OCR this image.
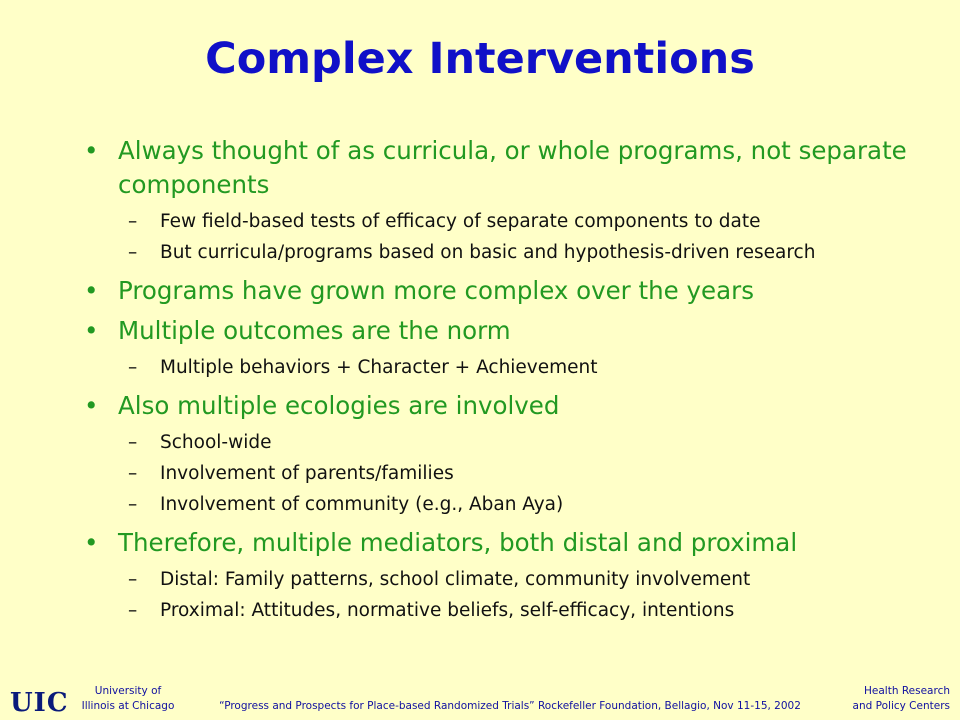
Complex Interventions
• Always thought of as curricula, or whole programs, not separate components
– Few field-based tests of efficacy of separate components to date
– But curricula/programs based on basic and hypothesis-driven research
• Programs have grown more complex over the years
• Multiple outcomes are the norm
– Multiple behaviors + Character + Achievement
• Also multiple ecologies are involved
– School-wide
– Involvement of parents/families
– Involvement of community (e.g., Aban Aya)
• Therefore, multiple mediators, both distal and proximal
– Distal: Family patterns, school climate, community involvement
– Proximal: Attitudes, normative beliefs, self-efficacy, intentions
UIC	University of
Illinois at Chicago	“Progress and Prospects for Place-based Randomized Trials” Rockefeller Foundation, Bellagio, Nov 11-15, 2002
Health Research
and Policy Centers
